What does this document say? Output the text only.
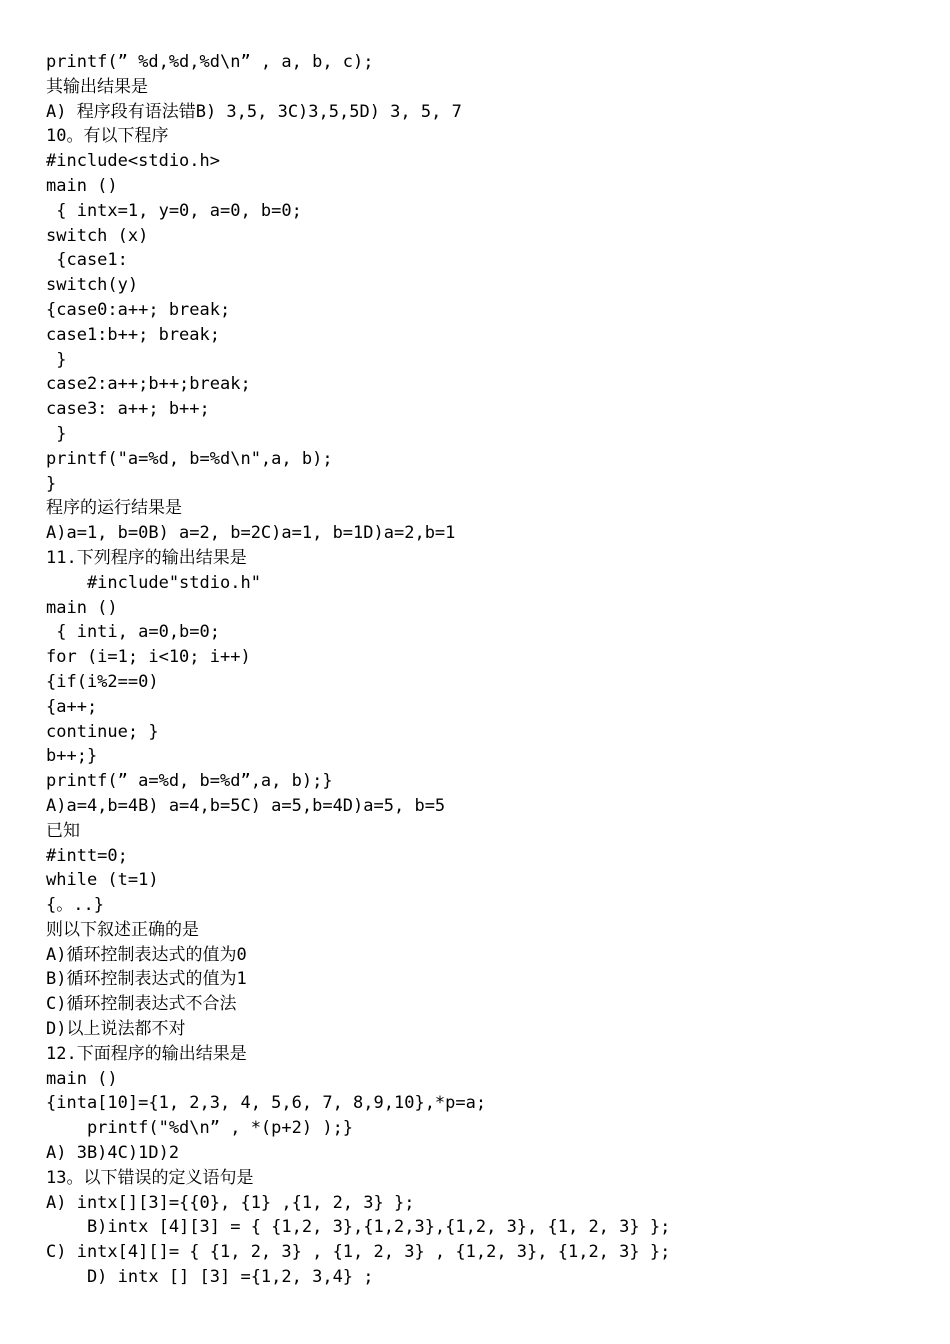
printf(” %d,%d,%d\n” , a, b, c);
其输出结果是
A) 程序段有语法错B) 3,5, 3C)3,5,5D) 3, 5, 7
10。有以下程序
#include<stdio.h>
main ()
{ intx=1, y=0, a=0, b=0;
switch (x)
{case1:
switch(y)
{case0:a++; break;
case1:b++; break;
}
case2:a++;b++;break;
case3: a++; b++;
}
printf("a=%d, b=%d\n",a, b);
}
程序的运行结果是
A)a=1, b=0B) a=2, b=2C)a=1, b=1D)a=2,b=1
11.下列程序的输出结果是
#include"stdio.h"
main ()
{ inti, a=0,b=0;
for (i=1; i<10; i++)
{if(i%2==0)
{a++;
continue; }
b++;}
printf(” a=%d, b=%d”,a, b);}
A)a=4,b=4B) a=4,b=5C) a=5,b=4D)a=5, b=5
已知
#intt=0;
while (t=1)
{。..}
则以下叙述正确的是
A)循环控制表达式的值为0
B)循环控制表达式的值为1
C)循环控制表达式不合法
D)以上说法都不对
12.下面程序的输出结果是
main ()
{inta[10]={1, 2,3, 4, 5,6, 7, 8,9,10},*p=a;
printf("%d\n” , *(p+2) );}
A) 3B)4C)1D)2
13。以下错误的定义语句是
A) intx[][3]={{0}, {1} ,{1, 2, 3} };
B)intx [4][3] = { {1,2, 3},{1,2,3},{1,2, 3}, {1, 2, 3} };
C) intx[4][]= { {1, 2, 3} , {1, 2, 3} , {1,2, 3}, {1,2, 3} };
D) intx [] [3] ={1,2, 3,4} ;
